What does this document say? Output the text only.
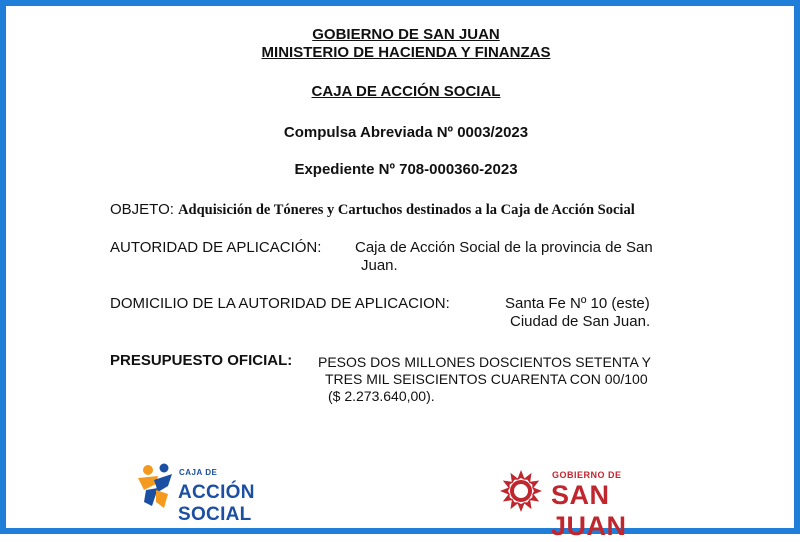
GOBIERNO DE SAN JUAN
MINISTERIO DE HACIENDA Y FINANZAS
CAJA DE ACCIÓN SOCIAL
Compulsa Abreviada Nº 0003/2023
Expediente Nº 708-000360-2023
OBJETO: Adquisición de Tóneres y Cartuchos destinados a la Caja de Acción Social
AUTORIDAD DE APLICACIÓN: Caja de Acción Social de la provincia de San
Juan.
DOMICILIO DE LA AUTORIDAD DE APLICACION:	Santa Fe Nº 10 (este)
Ciudad de San Juan.
PRESUPUESTO OFICIAL: PESOS DOS MILLONES DOSCIENTOS SETENTA Y
TRES MIL SEISCIENTOS CUARENTA CON 00/100
($ 2.273.640,00).
CAJA DE
ACCIÓN SOCIAL
GOBIERNO DE
SAN JUAN
